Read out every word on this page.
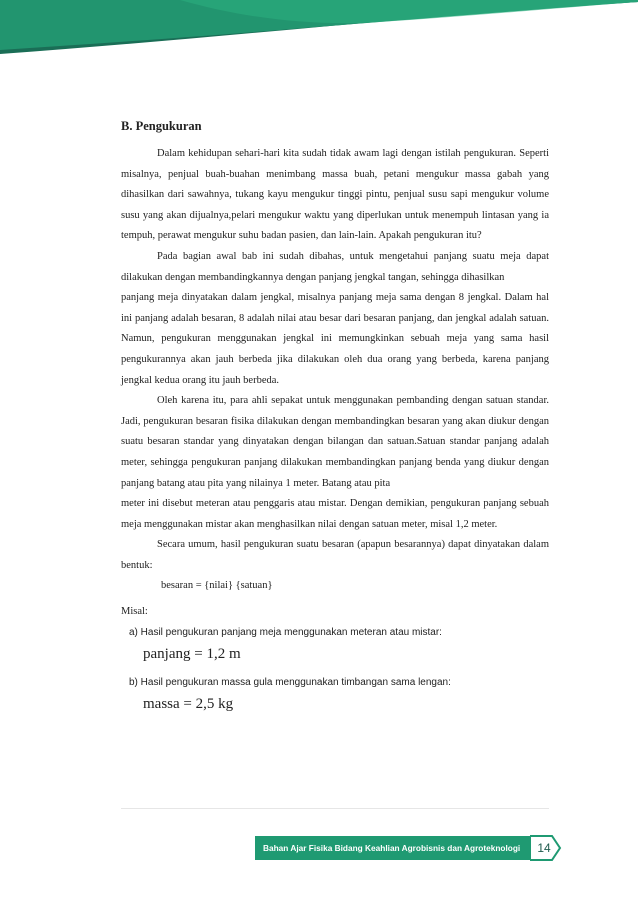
B. Pengukuran

Dalam kehidupan sehari-hari kita sudah tidak awam lagi dengan istilah pengukuran. Seperti misalnya, penjual buah-buahan menimbang massa buah, petani mengukur massa gabah yang dihasilkan dari sawahnya, tukang kayu mengukur tinggi pintu, penjual susu sapi mengukur volume susu yang akan dijualnya,pelari mengukur waktu yang diperlukan untuk menempuh lintasan yang ia tempuh, perawat mengukur suhu badan pasien, dan lain-lain. Apakah pengukuran itu?

Pada bagian awal bab ini sudah dibahas, untuk mengetahui panjang suatu meja dapat dilakukan dengan membandingkannya dengan panjang jengkal tangan, sehingga dihasilkan

panjang meja dinyatakan dalam jengkal, misalnya panjang meja sama dengan 8 jengkal. Dalam hal ini panjang adalah besaran, 8 adalah nilai atau besar dari besaran panjang, dan jengkal adalah satuan. Namun, pengukuran menggunakan jengkal ini memungkinkan sebuah meja yang sama hasil pengukurannya akan jauh berbeda jika dilakukan oleh dua orang yang berbeda, karena panjang jengkal kedua orang itu jauh berbeda.

Oleh karena itu, para ahli sepakat untuk menggunakan pembanding dengan satuan standar. Jadi, pengukuran besaran fisika dilakukan dengan membandingkan besaran yang akan diukur dengan suatu besaran standar yang dinyatakan dengan bilangan dan satuan.Satuan standar panjang adalah meter, sehingga pengukuran panjang dilakukan membandingkan panjang benda yang diukur dengan panjang batang atau pita yang nilainya 1 meter. Batang atau pita

meter ini disebut meteran atau penggaris atau mistar. Dengan demikian, pengukuran panjang sebuah meja menggunakan mistar akan menghasilkan nilai dengan satuan meter, misal 1,2 meter.

Secara umum, hasil pengukuran suatu besaran (apapun besarannya) dapat dinyatakan dalam bentuk:

besaran = {nilai} {satuan}
Misal:
a) Hasil pengukuran panjang meja menggunakan meteran atau mistar:
panjang = 1,2 m
b) Hasil pengukuran massa gula menggunakan timbangan sama lengan:
massa = 2,5 kg
Bahan Ajar Fisika Bidang Keahlian Agrobisnis dan Agroteknologi	14
